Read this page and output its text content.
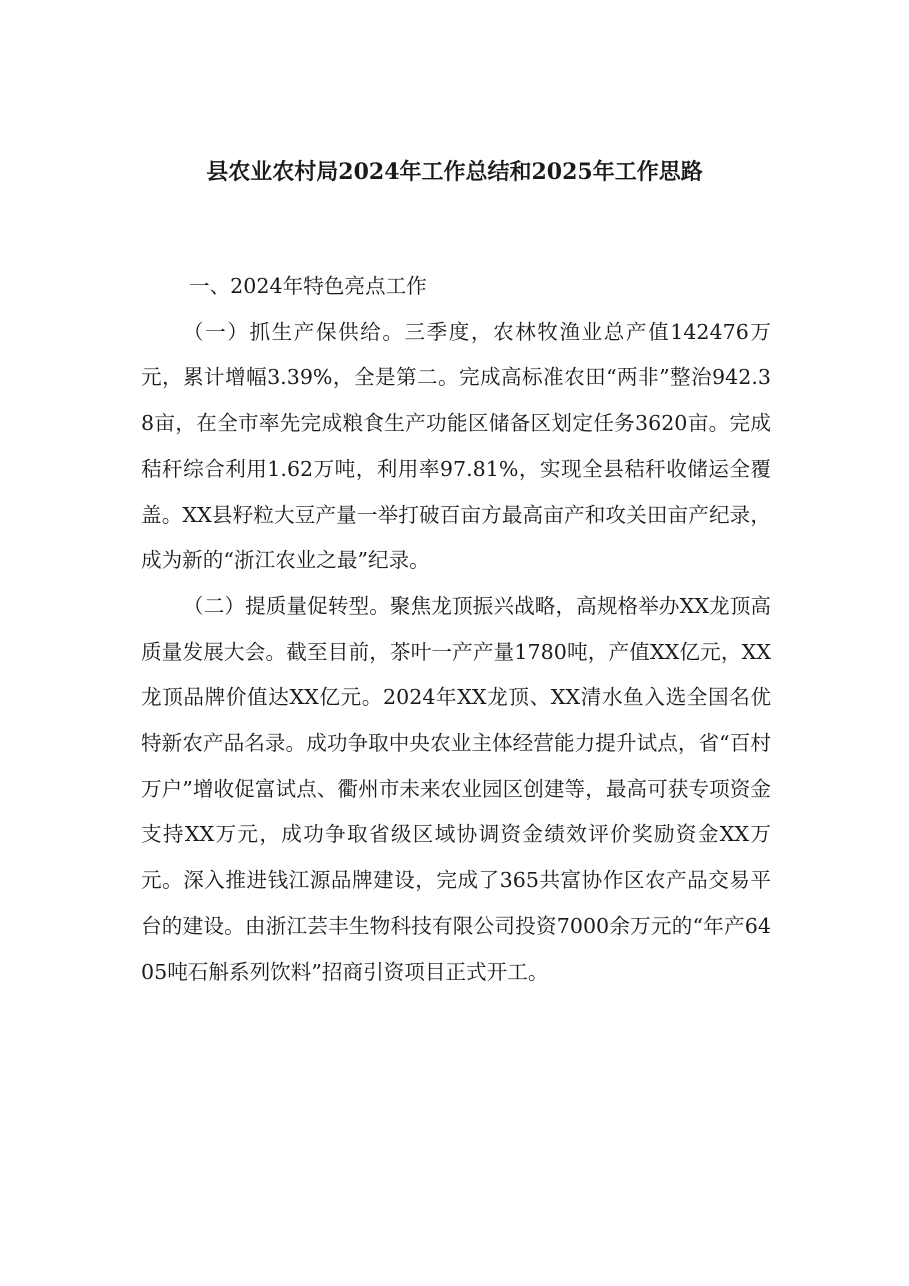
县农业农村局2024年工作总结和2025年工作思路
一、2024年特色亮点工作

（一）抓生产保供给。三季度，农林牧渔业总产值142476万元，累计增幅3.39%，全是第二。完成高标准农田“两非”整治942.38亩，在全市率先完成粮食生产功能区储备区划定任务3620亩。完成秸秆综合利用1.62万吨，利用率97.81%，实现全县秸秆收储运全覆盖。XX县籽粒大豆产量一举打破百亩方最高亩产和攻关田亩产纪录，成为新的“浙江农业之最”纪录。

（二）提质量促转型。聚焦龙顶振兴战略，高规格举办XX龙顶高质量发展大会。截至目前，茶叶一产产量1780吨，产值XX亿元，XX龙顶品牌价值达XX亿元。2024年XX龙顶、XX清水鱼入选全国名优特新农产品名录。成功争取中央农业主体经营能力提升试点，省“百村万户”增收促富试点、衢州市未来农业园区创建等，最高可获专项资金支持XX万元，成功争取省级区域协调资金绩效评价奖励资金XX万元。深入推进钱江源品牌建设，完成了365共富协作区农产品交易平台的建设。由浙江芸丰生物科技有限公司投资7000余万元的“年产6405吨石斛系列饮料”招商引资项目正式开工。
